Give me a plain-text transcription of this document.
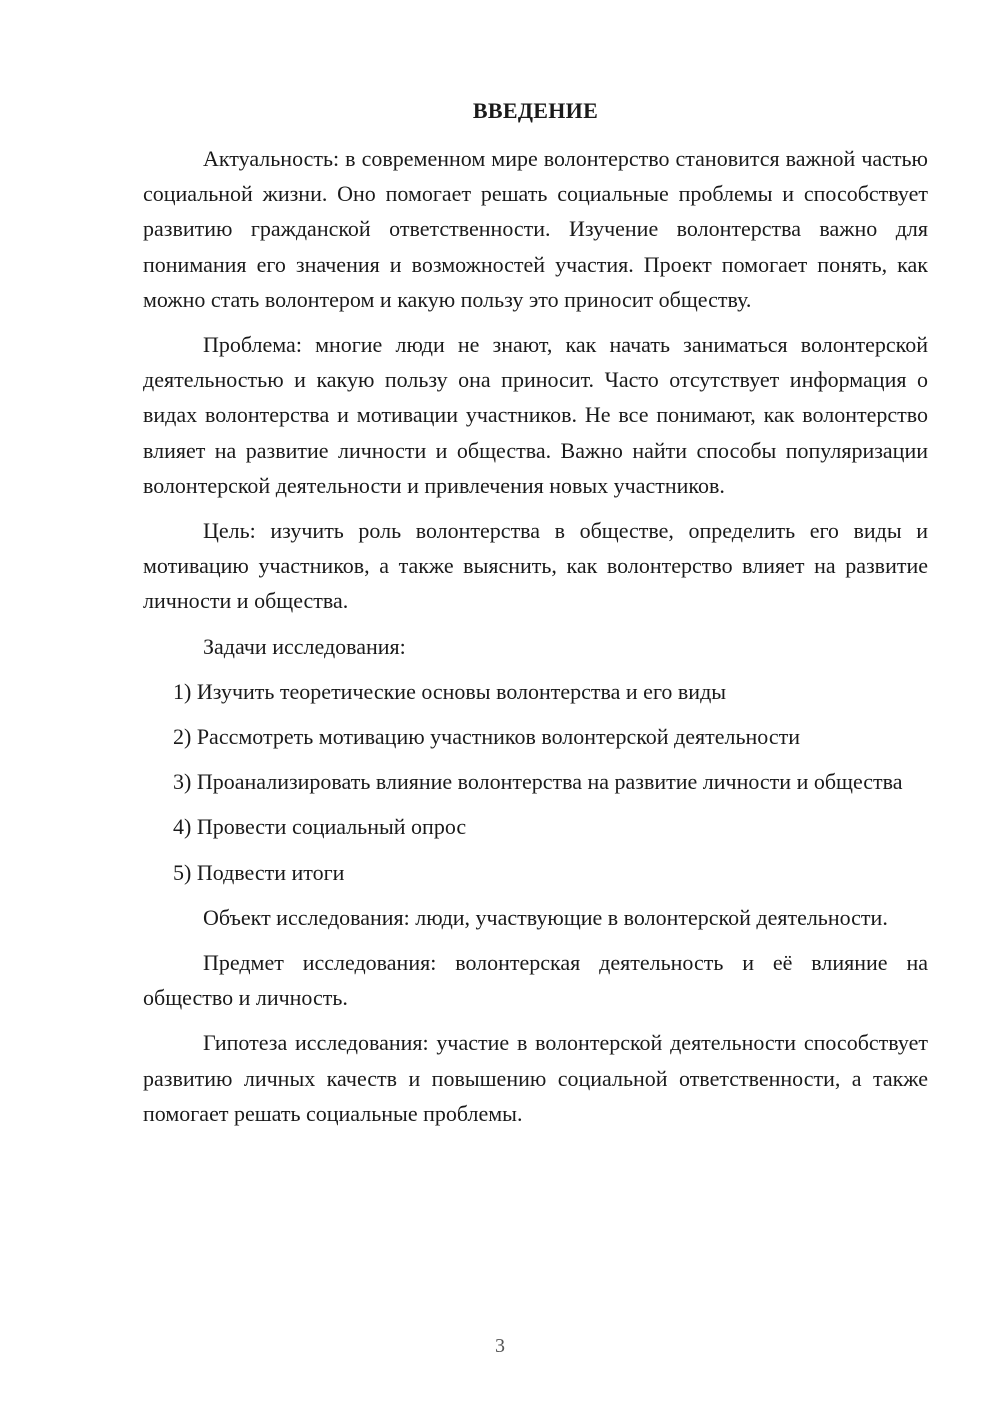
ВВЕДЕНИЕ

Актуальность: в современном мире волонтерство становится важной частью социальной жизни. Оно помогает решать социальные проблемы и способствует развитию гражданской ответственности. Изучение волонтерства важно для понимания его значения и возможностей участия. Проект помогает понять, как можно стать волонтером и какую пользу это приносит обществу.

Проблема: многие люди не знают, как начать заниматься волонтерской деятельностью и какую пользу она приносит. Часто отсутствует информация о видах волонтерства и мотивации участников. Не все понимают, как волонтерство влияет на развитие личности и общества. Важно найти способы популяризации волонтерской деятельности и привлечения новых участников.

Цель: изучить роль волонтерства в обществе, определить его виды и мотивацию участников, а также выяснить, как волонтерство влияет на развитие личности и общества.

Задачи исследования:

1) Изучить теоретические основы волонтерства и его виды

2) Рассмотреть мотивацию участников волонтерской деятельности

3) Проанализировать влияние волонтерства на развитие личности и общества

4) Провести социальный опрос

5) Подвести итоги

Объект исследования: люди, участвующие в волонтерской деятельности.

Предмет исследования: волонтерская деятельность и её влияние на общество и личность.

Гипотеза исследования: участие в волонтерской деятельности способствует развитию личных качеств и повышению социальной ответственности, а также помогает решать социальные проблемы.

3
